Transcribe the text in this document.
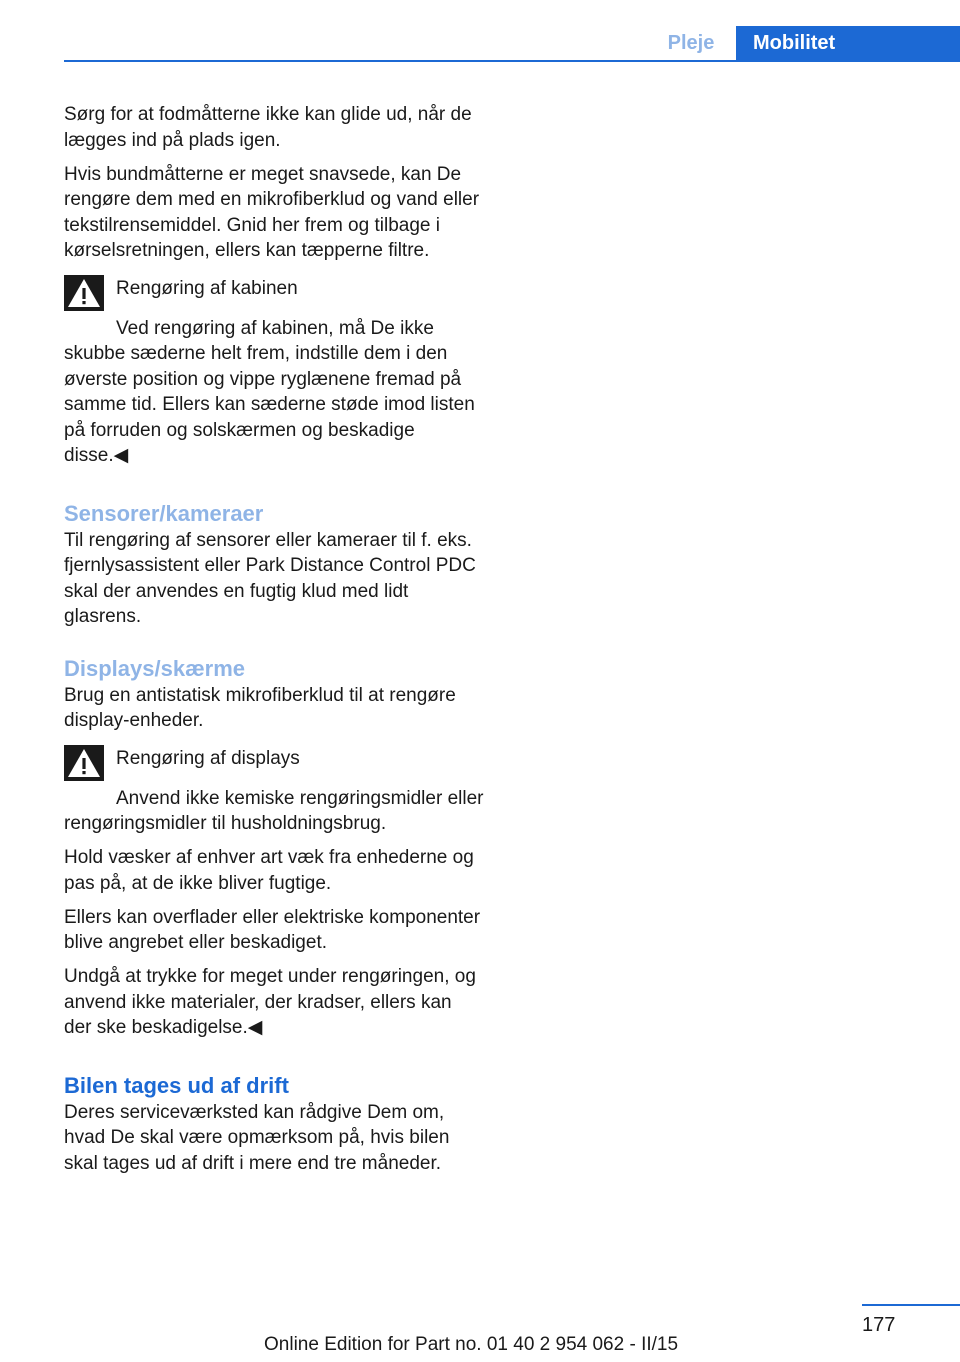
Pleje	Mobilitet

Sørg for at fodmåtterne ikke kan glide ud, når de lægges ind på plads igen.

Hvis bundmåtterne er meget snavsede, kan De rengøre dem med en mikrofiberklud og vand eller tekstilrensemiddel. Gnid her frem og tilbage i kørselsretningen, ellers kan tæpperne filtre.

Rengøring af kabinen
Ved rengøring af kabinen, må De ikke skubbe sæderne helt frem, indstille dem i den øverste position og vippe ryglænene fremad på samme tid. Ellers kan sæderne støde imod listen på forruden og solskærmen og beskadige disse.◀
Sensorer/kameraer

Til rengøring af sensorer eller kameraer til f. eks. fjernlysassistent eller Park Distance Control PDC skal der anvendes en fugtig klud med lidt glasrens.

Displays/skærme

Brug en antistatisk mikrofiberklud til at rengøre display-enheder.

Rengøring af displays
Anvend ikke kemiske rengøringsmidler eller rengøringsmidler til husholdningsbrug.
Hold væsker af enhver art væk fra enhederne og pas på, at de ikke bliver fugtige.
Ellers kan overflader eller elektriske komponenter blive angrebet eller beskadiget.
Undgå at trykke for meget under rengøringen, og anvend ikke materialer, der kradser, ellers kan der ske beskadigelse.◀
Bilen tages ud af drift

Deres serviceværksted kan rådgive Dem om, hvad De skal være opmærksom på, hvis bilen skal tages ud af drift i mere end tre måneder.

177
Online Edition for Part no. 01 40 2 954 062 - II/15
